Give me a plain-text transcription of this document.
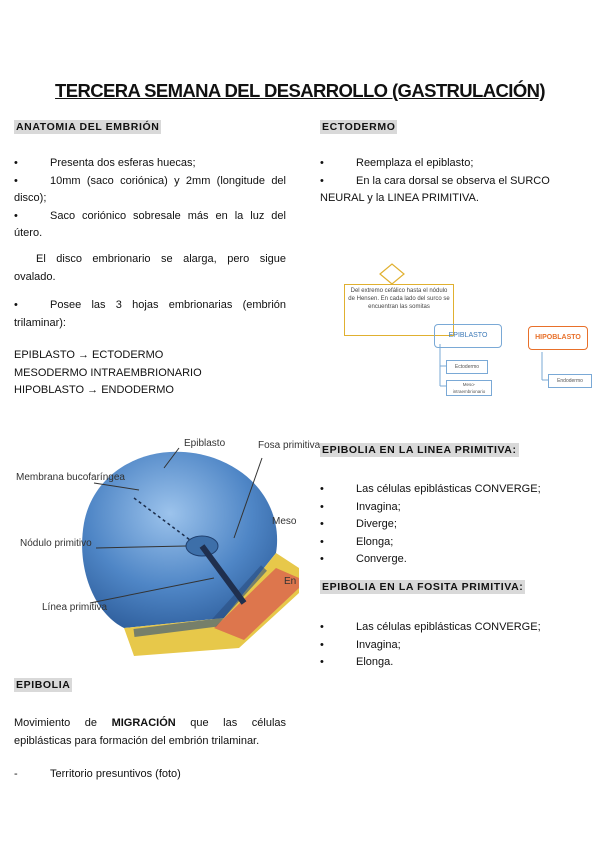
TERCERA SEMANA DEL DESARROLLO (GASTRULACIÓN)
ANATOMIA DEL EMBRIÓN
•	Presenta dos esferas huecas;
•	10mm (saco coriónica) y 2mm (longitude del disco);
•	Saco coriónico sobresale más en la luz del útero.
El disco embrionario se alarga, pero sigue ovalado.
•	Posee las 3 hojas embrionarias (embrión trilaminar):
EPIBLASTO → ECTODERMO
MESODERMO INTRAEMBRIONARIO
HIPOBLASTO → ENDODERMO
Epiblasto	Fosa primitiva
Membrana bucofaríngea
Nódulo primitivo
Línea primitiva
Meso
En
EPIBOLIA
Movimiento de MIGRACIÓN que las células epiblásticas para formación del embrión trilaminar.
-	Territorio presuntivos (foto)
ECTODERMO
•	Reemplaza el epiblasto;
•	En la cara dorsal se observa el SURCO NEURAL y la LINEA PRIMITIVA.
Del extremo cefálico hasta el nódulo de Hensen. En cada lado del surco se encuentran las somitas
EPIBLASTO	HIPOBLASTO
Ectodermo
Meso- intraembrionario
Endodermo
EPIBOLIA EN LA LINEA PRIMITIVA:
•	Las células epiblásticas CONVERGE;
•	Invagina;
•	Diverge;
•	Elonga;
•	Converge.
EPIBOLIA EN LA FOSITA PRIMITIVA:
•	Las células epiblásticas CONVERGE;
•	Invagina;
•	Elonga.
